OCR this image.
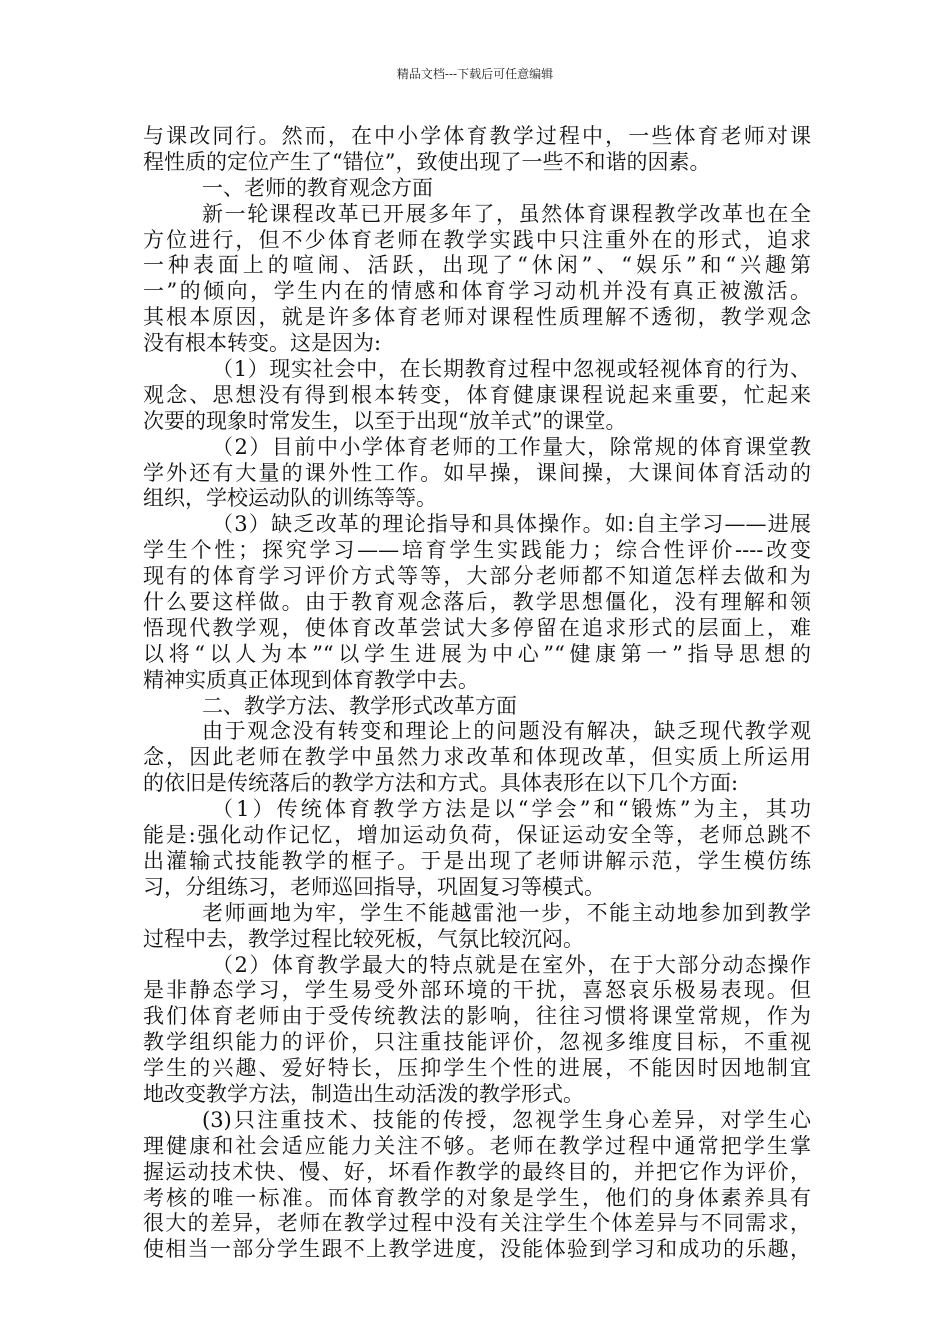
精品文档---下载后可任意编辑
与课改同行。然而，在中小学体育教学过程中，一些体育老师对课
程性质的定位产生了“错位”，致使出现了一些不和谐的因素。
一、老师的教育观念方面
新一轮课程改革已开展多年了，虽然体育课程教学改革也在全
方位进行，但不少体育老师在教学实践中只注重外在的形式，追求
一种表面上的喧闹、活跃，出现了“休闲”、“娱乐”和“兴趣第
一”的倾向，学生内在的情感和体育学习动机并没有真正被激活。
其根本原因，就是许多体育老师对课程性质理解不透彻，教学观念
没有根本转变。这是因为:
（1）现实社会中，在长期教育过程中忽视或轻视体育的行为、
观念、思想没有得到根本转变，体育健康课程说起来重要，忙起来
次要的现象时常发生，以至于出现“放羊式”的课堂。
（2）目前中小学体育老师的工作量大，除常规的体育课堂教
学外还有大量的课外性工作。如早操，课间操，大课间体育活动的
组织，学校运动队的训练等等。
（3）缺乏改革的理论指导和具体操作。如:自主学习——进展
学生个性；探究学习——培育学生实践能力；综合性评价----改变
现有的体育学习评价方式等等，大部分老师都不知道怎样去做和为
什么要这样做。由于教育观念落后，教学思想僵化，没有理解和领
悟现代教学观，使体育改革尝试大多停留在追求形式的层面上，难
以将“以人为本”“以学生进展为中心”“健康第一”指导思想的
精神实质真正体现到体育教学中去。
二、教学方法、教学形式改革方面
由于观念没有转变和理论上的问题没有解决，缺乏现代教学观
念，因此老师在教学中虽然力求改革和体现改革，但实质上所运用
的依旧是传统落后的教学方法和方式。具体表形在以下几个方面:
（1）传统体育教学方法是以“学会”和“锻炼”为主，其功
能是:强化动作记忆，增加运动负荷，保证运动安全等，老师总跳不
出灌输式技能教学的框子。于是出现了老师讲解示范，学生模仿练
习，分组练习，老师巡回指导，巩固复习等模式。
老师画地为牢，学生不能越雷池一步，不能主动地参加到教学
过程中去，教学过程比较死板，气氛比较沉闷。
（2）体育教学最大的特点就是在室外，在于大部分动态操作
是非静态学习，学生易受外部环境的干扰，喜怒哀乐极易表现。但
我们体育老师由于受传统教法的影响，往往习惯将课堂常规，作为
教学组织能力的评价，只注重技能评价，忽视多维度目标，不重视
学生的兴趣、爱好特长，压抑学生个性的进展，不能因时因地制宜
地改变教学方法，制造出生动活泼的教学形式。
(3)只注重技术、技能的传授，忽视学生身心差异，对学生心
理健康和社会适应能力关注不够。老师在教学过程中通常把学生掌
握运动技术快、慢、好，坏看作教学的最终目的，并把它作为评价，
考核的唯一标准。而体育教学的对象是学生，他们的身体素养具有
很大的差异，老师在教学过程中没有关注学生个体差异与不同需求，
使相当一部分学生跟不上教学进度，没能体验到学习和成功的乐趣，
